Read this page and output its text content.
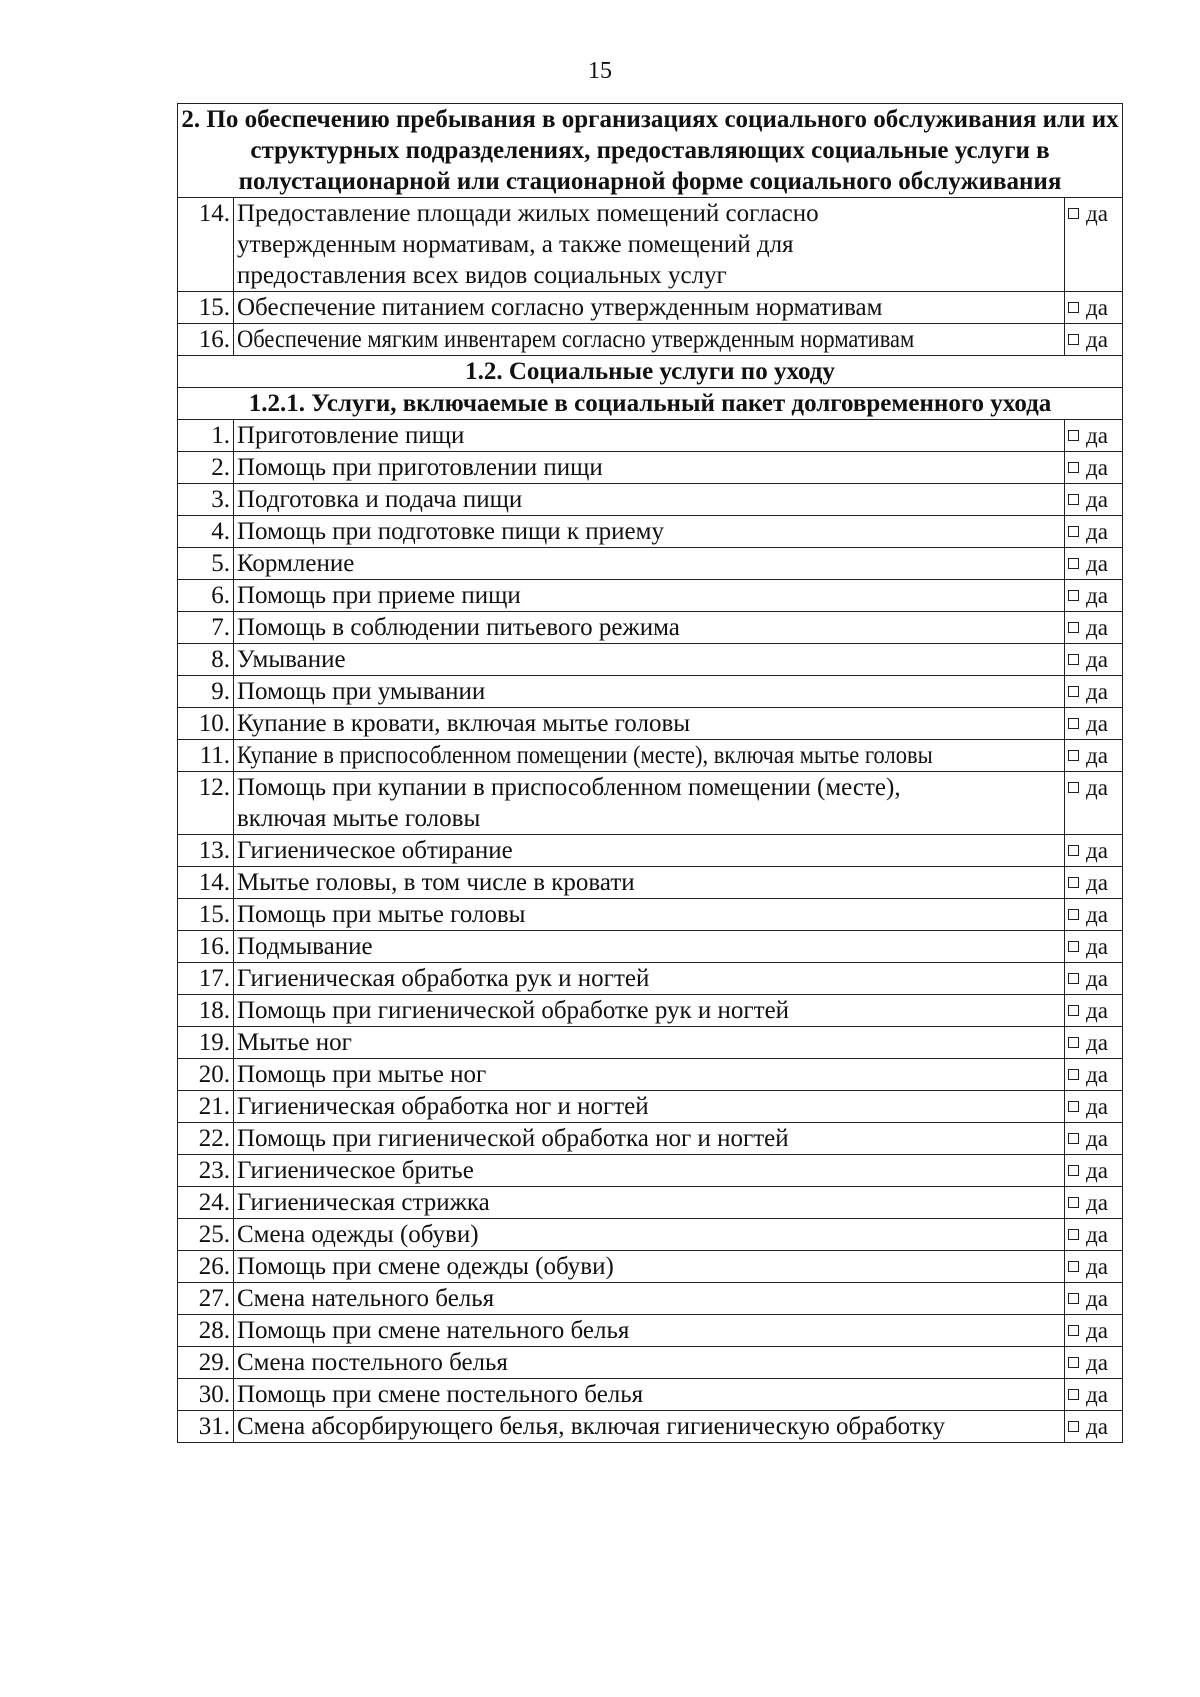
15
2. По обеспечению пребывания в организациях социального обслуживания или их структурных подразделениях, предоставляющих социальные услуги в полустационарной или стационарной форме социального обслуживания		
14.	Предоставление площади жилых помещений согласно утвержденным нормативам, а также помещений для предоставления всех видов социальных услуг	да
15.	Обеспечение питанием согласно утвержденным нормативам	да
16.	Обеспечение мягким инвентарем согласно утвержденным нормативам	да
1.2. Социальные услуги по уходу		
1.2.1. Услуги, включаемые в социальный пакет долговременного ухода		
1.	Приготовление пищи	да
2.	Помощь при приготовлении пищи	да
3.	Подготовка и подача пищи	да
4.	Помощь при подготовке пищи к приему	да
5.	Кормление	да
6.	Помощь при приеме пищи	да
7.	Помощь в соблюдении питьевого режима	да
8.	Умывание	да
9.	Помощь при умывании	да
10.	Купание в кровати, включая мытье головы	да
11.	Купание в приспособленном помещении (месте), включая мытье головы	да
12.	Помощь при купании в приспособленном помещении (месте), включая мытье головы	да
13.	Гигиеническое обтирание	да
14.	Мытье головы, в том числе в кровати	да
15.	Помощь при мытье головы	да
16.	Подмывание	да
17.	Гигиеническая обработка рук и ногтей	да
18.	Помощь при гигиенической обработке рук и ногтей	да
19.	Мытье ног	да
20.	Помощь при мытье ног	да
21.	Гигиеническая обработка ног и ногтей	да
22.	Помощь при гигиенической обработка ног и ногтей	да
23.	Гигиеническое бритье	да
24.	Гигиеническая стрижка	да
25.	Смена одежды (обуви)	да
26.	Помощь при смене одежды (обуви)	да
27.	Смена нательного белья	да
28.	Помощь при смене нательного белья	да
29.	Смена постельного белья	да
30.	Помощь при смене постельного белья	да
31.	Смена абсорбирующего белья, включая гигиеническую обработку	да
